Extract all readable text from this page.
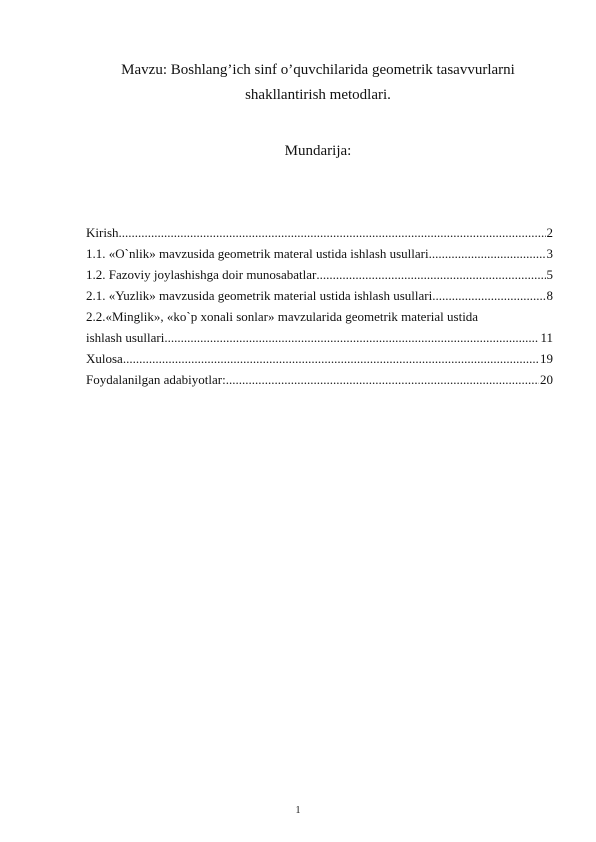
Mavzu: Boshlang’ich sinf o’quvchilarida geometrik tasavvurlarni
shakllantirish metodlari.
Mundarija:
Kirish .....	2
1.1. «O`nlik» mavzusida geometrik materal ustida ishlash usullari .....	3
1.2. Fazoviy joylashishga doir munosabatlar .....	5
2.1. «Yuzlik» mavzusida geometrik material ustida ishlash usullari .....	8
2.2.«Minglik», «ko`p xonali sonlar» mavzularida geometrik material ustida
ishlash usullari .....	11
Xulosa .....	19
Foydalanilgan adabiyotlar: .....	20
1
